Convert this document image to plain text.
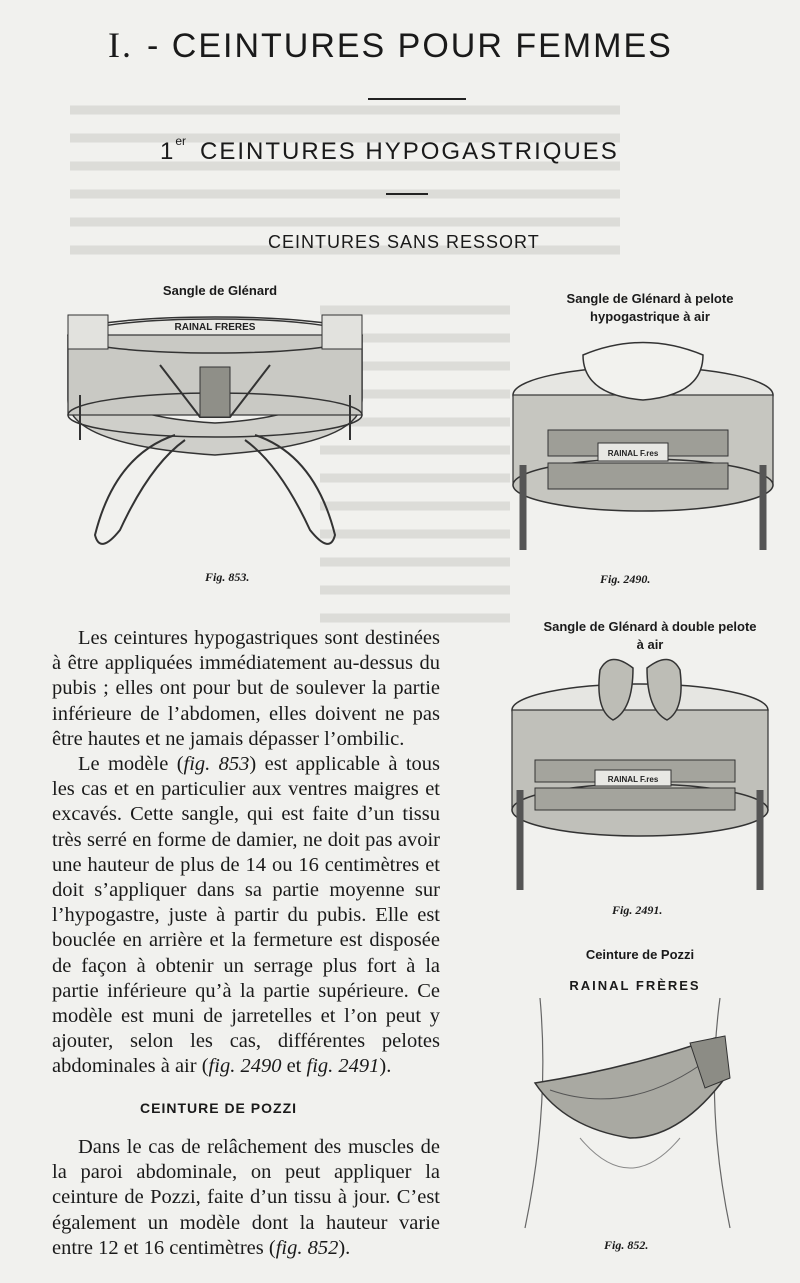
I. - CEINTURES POUR FEMMES
1er CEINTURES HYPOGASTRIQUES
CEINTURES SANS RESSORT
Sangle de Glénard
RAINAL FRERES
Fig. 853.
Sangle de Glénard à pelote
hypogastrique à air
RAINAL F.res
Fig. 2490.
Sangle de Glénard à double pelote
à air
RAINAL F.res
Fig. 2491.
Ceinture de Pozzi
RAINAL FRÈRES
Fig. 852.

Les ceintures hypogastriques sont destinées à être appliquées immédiatement au-dessus du pubis ; elles ont pour but de soulever la partie inférieure de l’abdomen, elles doivent ne pas être hautes et ne jamais dépasser l’ombilic.

Le modèle (fig. 853) est applicable à tous les cas et en particulier aux ventres maigres et excavés. Cette sangle, qui est faite d’un tissu très serré en forme de damier, ne doit pas avoir une hauteur de plus de 14 ou 16 centimètres et doit s’appliquer dans sa partie moyenne sur l’hypogastre, juste à partir du pubis. Elle est bouclée en arrière et la fermeture est disposée de façon à obtenir un serrage plus fort à la partie inférieure qu’à la partie supérieure. Ce modèle est muni de jarretelles et l’on peut y ajouter, selon les cas, différentes pelotes abdominales à air (fig. 2490 et fig. 2491).

CEINTURE DE POZZI

Dans le cas de relâchement des muscles de la paroi abdominale, on peut appliquer la ceinture de Pozzi, faite d’un tissu à jour. C’est également un modèle dont la hauteur varie entre 12 et 16 centimètres (fig. 852).
